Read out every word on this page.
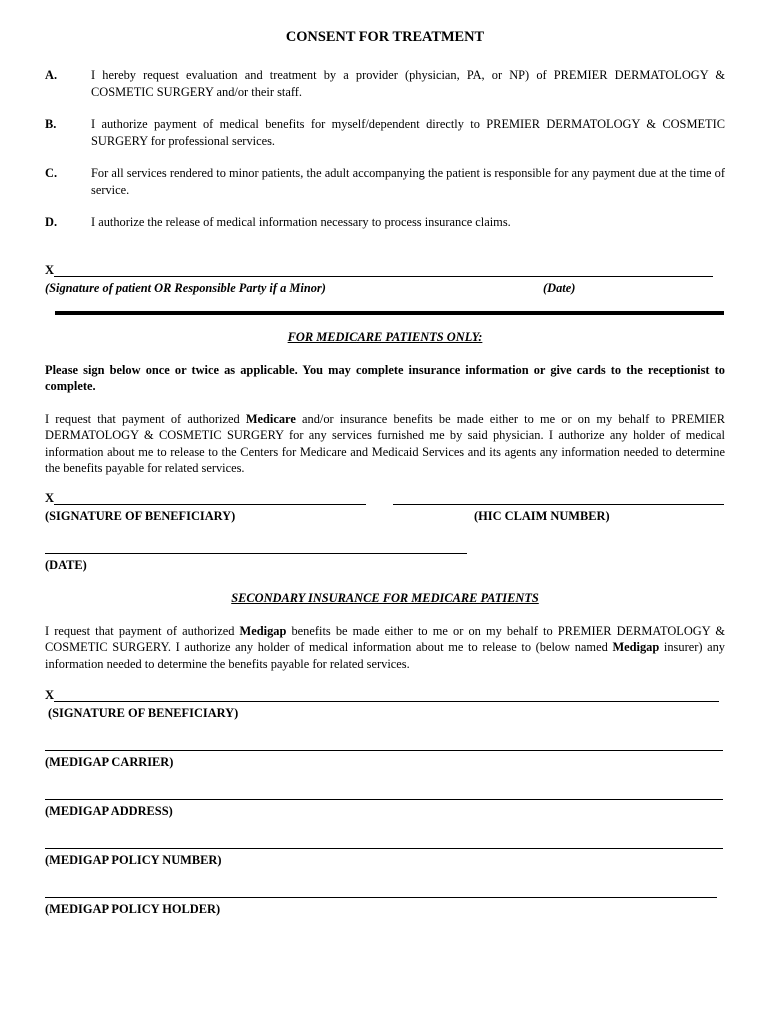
CONSENT FOR TREATMENT
A.	I hereby request evaluation and treatment by a provider (physician, PA, or NP) of PREMIER DERMATOLOGY & COSMETIC SURGERY and/or their staff.
B.	I authorize payment of medical benefits for myself/dependent directly to PREMIER DERMATOLOGY & COSMETIC SURGERY for professional services.
C.	For all services rendered to minor patients, the adult accompanying the patient is responsible for any payment due at the time of service.
D.	I authorize the release of medical information necessary to process insurance claims.
X
(Signature of patient OR Responsible Party if a Minor)	(Date)
FOR MEDICARE PATIENTS ONLY:
Please sign below once or twice as applicable. You may complete insurance information or give cards to the receptionist to complete.
I request that payment of authorized Medicare and/or insurance benefits be made either to me or on my behalf to PREMIER DERMATOLOGY & COSMETIC SURGERY for any services furnished me by said physician. I authorize any holder of medical information about me to release to the Centers for Medicare and Medicaid Services and its agents any information needed to determine the benefits payable for related services.
X
(SIGNATURE OF BENEFICIARY)	(HIC CLAIM NUMBER)
(DATE)
SECONDARY INSURANCE FOR MEDICARE PATIENTS
I request that payment of authorized Medigap benefits be made either to me or on my behalf to PREMIER DERMATOLOGY & COSMETIC SURGERY. I authorize any holder of medical information about me to release to (below named Medigap insurer) any information needed to determine the benefits payable for related services.
X
(SIGNATURE OF BENEFICIARY)
(MEDIGAP CARRIER)
(MEDIGAP ADDRESS)
(MEDIGAP POLICY NUMBER)
(MEDIGAP POLICY HOLDER)
